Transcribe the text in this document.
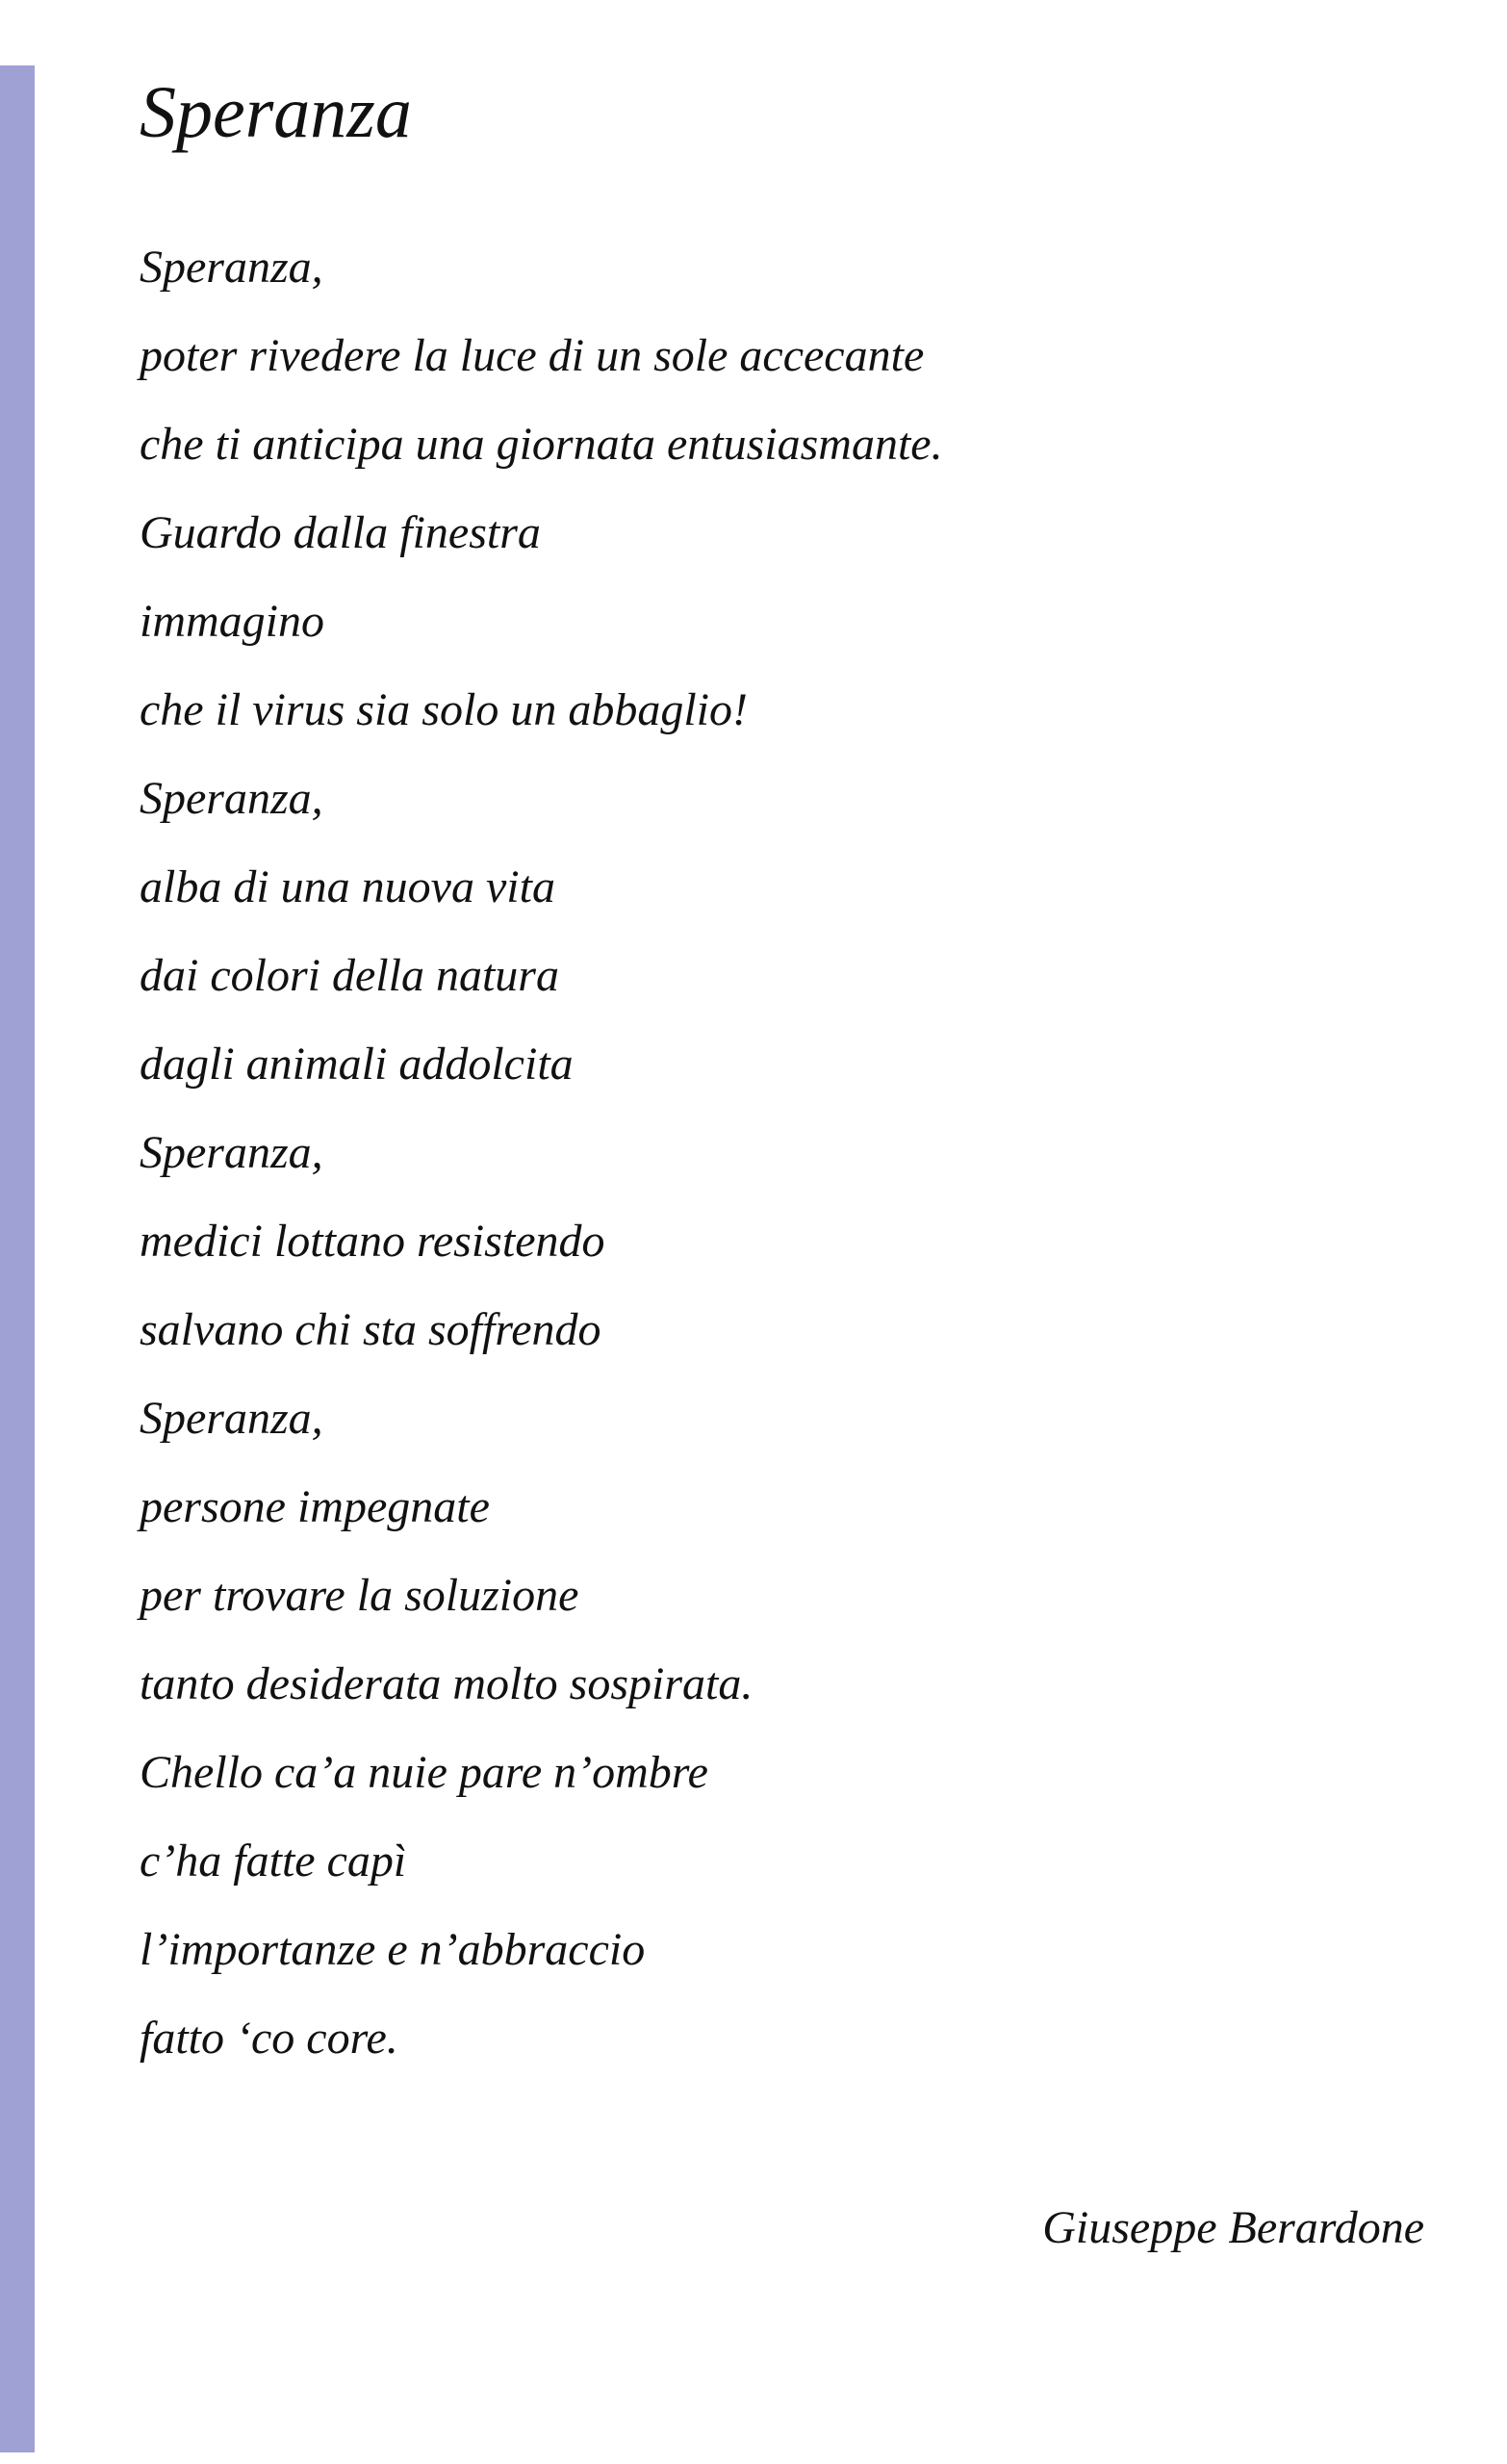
Speranza
Speranza,
poter rivedere la luce di un sole accecante
che ti anticipa una giornata entusiasmante.
Guardo dalla finestra
immagino
che il virus sia solo un abbaglio!
Speranza,
alba di una nuova vita
dai colori della natura
dagli animali addolcita
Speranza,
medici lottano resistendo
salvano chi sta soffrendo
Speranza,
persone impegnate
per trovare la soluzione
tanto desiderata molto sospirata.
Chello ca’a nuie pare n’ombre
c’ha fatte capì
l’importanze e n’abbraccio
fatto ‘co core.

Giuseppe Berardone
